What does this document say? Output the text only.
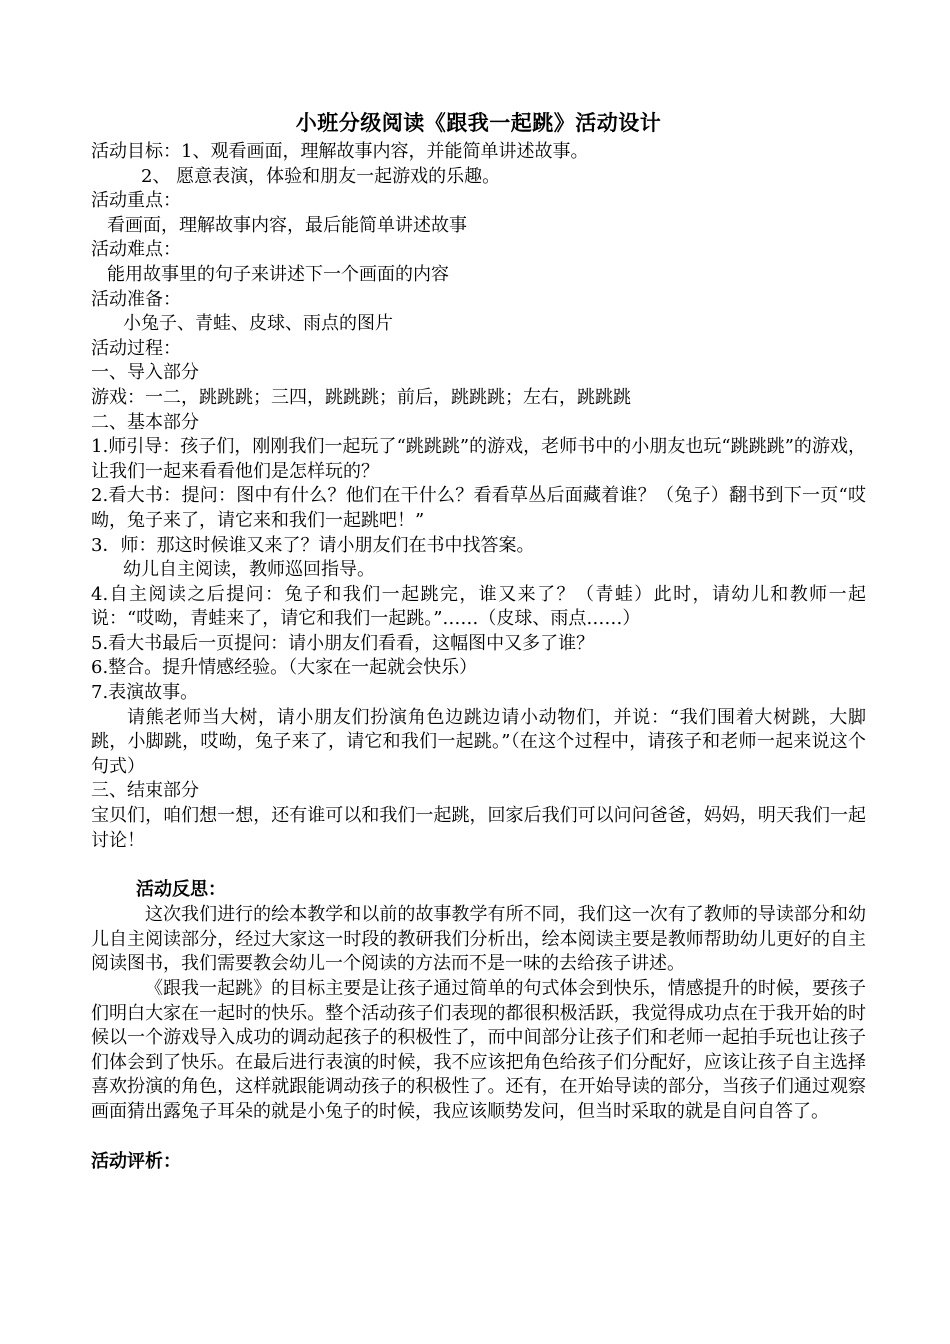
小班分级阅读《跟我一起跳》活动设计
活动目标：1、观看画面，理解故事内容，并能简单讲述故事。
2、 愿意表演，体验和朋友一起游戏的乐趣。
活动重点：
看画面，理解故事内容，最后能简单讲述故事
活动难点：
能用故事里的句子来讲述下一个画面的内容
活动准备：
小兔子、青蛙、皮球、雨点的图片
活动过程：
一、导入部分
游戏：一二，跳跳跳；三四，跳跳跳；前后，跳跳跳；左右，跳跳跳
二、基本部分
1.师引导：孩子们，刚刚我们一起玩了“跳跳跳”的游戏，老师书中的小朋友也玩“跳跳跳”的游戏，让我们一起来看看他们是怎样玩的？
2.看大书：提问：图中有什么？他们在干什么？看看草丛后面藏着谁？（兔子）翻书到下一页“哎呦，兔子来了，请它来和我们一起跳吧！”
3．师：那这时候谁又来了？请小朋友们在书中找答案。
幼儿自主阅读，教师巡回指导。
4.自主阅读之后提问：兔子和我们一起跳完，谁又来了？（青蛙）此时，请幼儿和教师一起说：“哎呦，青蛙来了，请它和我们一起跳。”……（皮球、雨点……）
5.看大书最后一页提问：请小朋友们看看，这幅图中又多了谁？
6.整合。提升情感经验。（大家在一起就会快乐）
7.表演故事。
请熊老师当大树，请小朋友们扮演角色边跳边请小动物们，并说：“我们围着大树跳，大脚跳，小脚跳，哎呦，兔子来了，请它和我们一起跳。”（在这个过程中，请孩子和老师一起来说这个句式）
三、结束部分
宝贝们，咱们想一想，还有谁可以和我们一起跳，回家后我们可以问问爸爸，妈妈，明天我们一起讨论！
活动反思：
这次我们进行的绘本教学和以前的故事教学有所不同，我们这一次有了教师的导读部分和幼儿自主阅读部分，经过大家这一时段的教研我们分析出，绘本阅读主要是教师帮助幼儿更好的自主阅读图书，我们需要教会幼儿一个阅读的方法而不是一味的去给孩子讲述。
《跟我一起跳》的目标主要是让孩子通过简单的句式体会到快乐，情感提升的时候，要孩子们明白大家在一起时的快乐。整个活动孩子们表现的都很积极活跃，我觉得成功点在于我开始的时候以一个游戏导入成功的调动起孩子的积极性了，而中间部分让孩子们和老师一起拍手玩也让孩子们体会到了快乐。在最后进行表演的时候，我不应该把角色给孩子们分配好，应该让孩子自主选择喜欢扮演的角色，这样就跟能调动孩子的积极性了。还有，在开始导读的部分，当孩子们通过观察画面猜出露兔子耳朵的就是小兔子的时候，我应该顺势发问，但当时采取的就是自问自答了。
活动评析：
